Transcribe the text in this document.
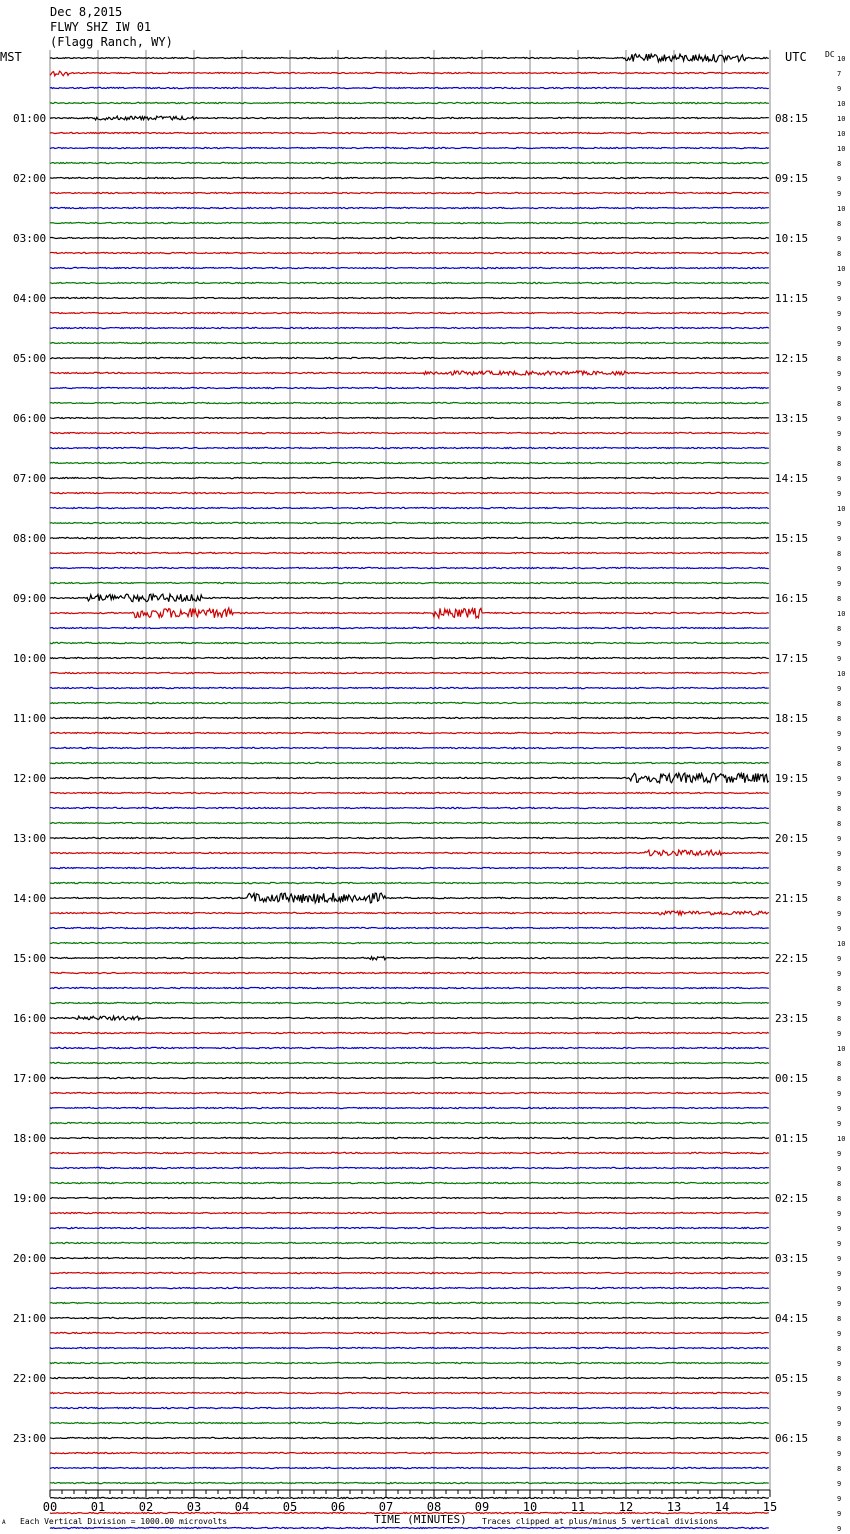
Dec 8,2015
FLWY SHZ IW 01
(Flagg Ranch, WY)
MST	UTC DC
01:00
02:00
03:00
04:00
05:00
06:00
07:00
08:00
09:00
10:00
11:00
12:00
13:00
14:00
15:00
16:00
17:00
18:00
19:00
20:00
21:00
22:00
23:00
08:15
09:15
10:15
11:15
12:15
13:15
14:15
15:15
16:15
17:15
18:15
19:15
20:15
21:15
22:15
23:15
00:15
01:15
02:15
03:15
04:15
05:15
06:15
10
7
9
10
10
10
10
8
9
9
10
8
9
8
10
9
9
9
9
9
8
9
9
8
9
9
8
8
9
9
10
9
9
8
9
9
8
10
8
9
9
10
9
8
8
9
9
8
9
9
8
8
9
9
8
9
8
9
9
10
9
9
8
9
8
9
10
8
8
9
9
9
10
9
9
8
8
9
9
9
9
9
9
9
8
9
8
9
8
9
9
9
8
9
8
9
9
9
9
00	01	02	03	04	05	06	07	08	09	10	11	12	13	14	15
A Each Vertical Division = 1000.00 microvolts	TIME (MINUTES) Traces clipped at plus/minus 5 vertical divisions
